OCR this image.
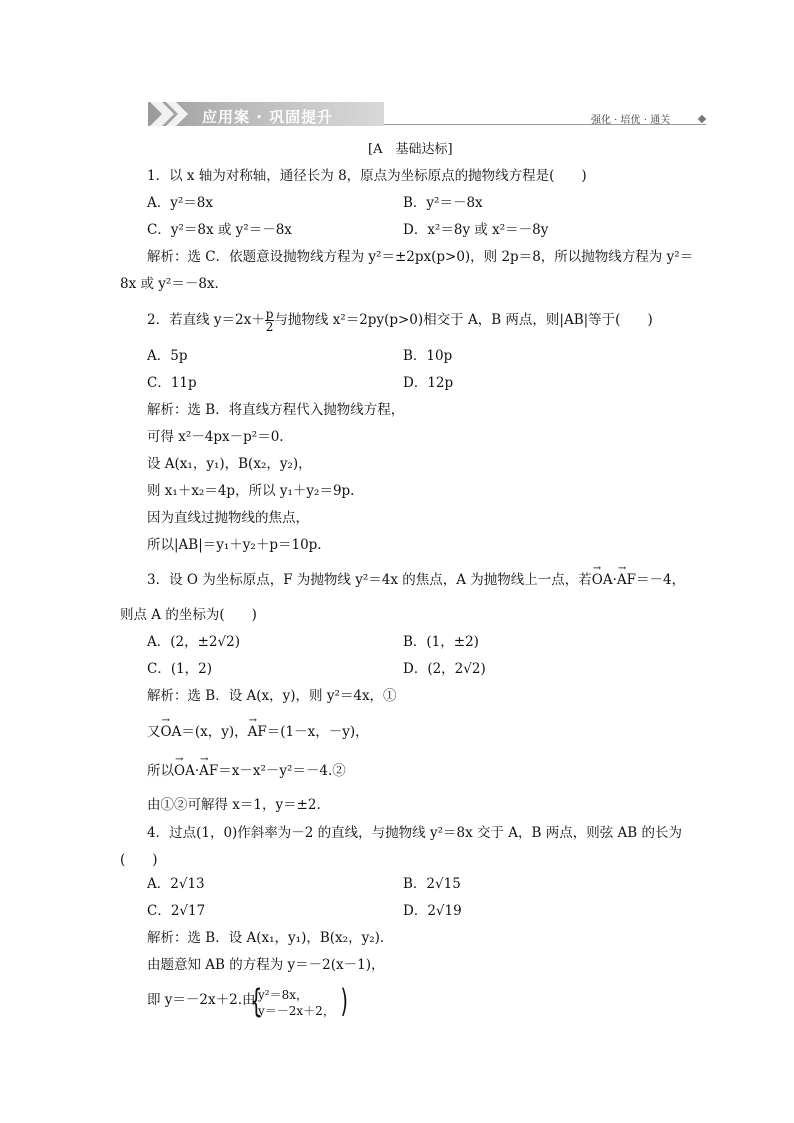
应用案 · 巩固提升	强化 · 培优 · 通关
[A　基础达标]
1．以 x 轴为对称轴，通径长为 8，原点为坐标原点的抛物线方程是(　　)
A．y²＝8x	B．y²＝－8x
C．y²＝8x 或 y²＝－8x	D．x²＝8y 或 x²＝－8y
解析：选 C．依题意设抛物线方程为 y²＝±2px(p>0)，则 2p＝8，所以抛物线方程为 y²＝
8x 或 y²＝－8x.
2．若直线 $y=2x+ \frac{p}{2}$ 与抛物线 x²＝2py(p>0)相交于 A，B 两点，则|AB|等于(　　)
A．5p	B．10p
C．11p	D．12p
解析：选 B．将直线方程代入抛物线方程，
可得 x²－4px－p²＝0.
设 A(x₁，y₁)，B(x₂，y₂)，
则 x₁＋x₂＝4p，所以 y₁＋y₂＝9p.
因为直线过抛物线的焦点，
所以|AB|＝y₁＋y₂＋p＝10p.
3．设 O 为坐标原点，F 为抛物线 y²＝4x 的焦点，A 为抛物线上一点，若→ OA·→ AF＝－4，
则点 A 的坐标为(　　)
A．(2，±2√2)	B．(1，±2)
C．(1，2)	D．(2，2√2)
解析：选 B．设 A(x，y)，则 y²＝4x，①
又→ OA＝(x，y)，→ AF＝(1－x，－y)，
所以→ OA·→ AF＝x－x²－y²＝－4.②
由①②可解得 x＝1，y＝±2.
4．过点(1，0)作斜率为－2 的直线，与抛物线 y²＝8x 交于 A，B 两点，则弦 AB 的长为
(　　)
A．2√13	B．2√15
C．2√17	D．2√19
解析：选 B．设 A(x₁，y₁)，B(x₂，y₂)．
由题意知 AB 的方程为 y＝－2(x－1)，
即 y＝－2x＋2.由
{
y²＝8x，
y＝－2x＋2， )
